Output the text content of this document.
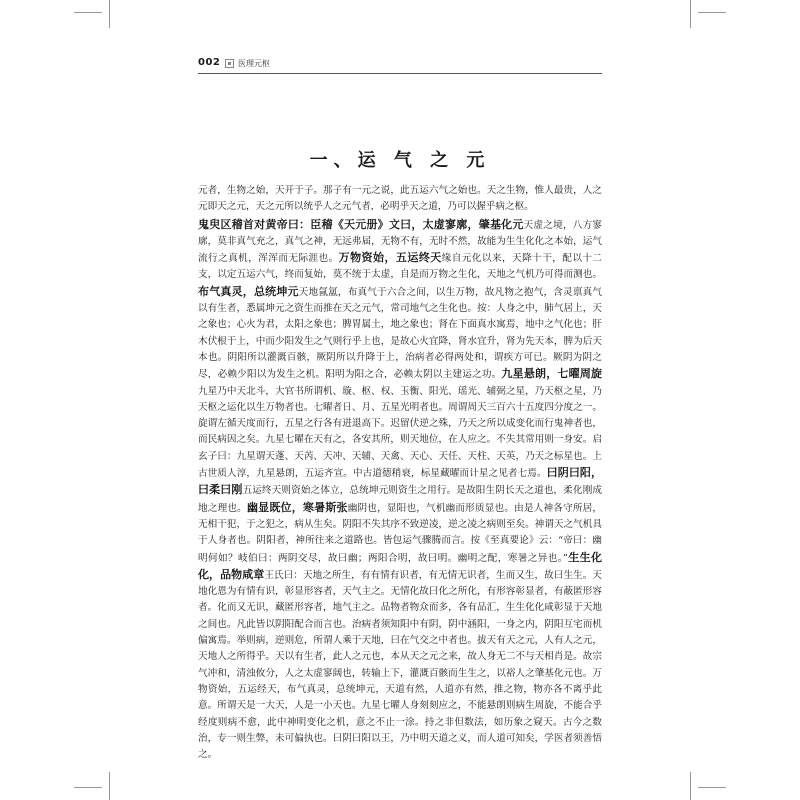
002 医理元枢
一、运 气 之 元

元者，生物之始，天开于子。那子有一元之说，此五运六气之始也。天之生物，惟人最贵，人之元即天之元，天之元所以统乎人之元气者，必明乎天之道，乃可以握乎病之枢。

鬼臾区稽首对黄帝曰：臣稽《天元册》文曰，太虚寥廓，肇基化元天虚之境，八方寥廓，莫非真气充之，真气之神，无远弗届，无物不有，无时不然，故能为生生化化之本始，运气流行之真机，浑浑而无际涯也。万物资始，五运终天缘自元化以来，天降十干，配以十二支，以定五运六气，终而复始，莫不统于太虚，自是而万物之生化，天地之气机乃可得而测也。布气真灵，总统坤元天地氤氲，布真气于六合之间，以生万物，故凡物之抱气，含灵禀真气以有生者，悉属坤元之资生而推在天之元气，常司地气之生化也。按：人身之中，肺气居上，天之象也；心火为君，太阳之象也；脾胃属土，地之象也；肾在下面真水寓焉，地中之气化也；肝木伏根于上，中而少阳发生之气则行乎上也，是故心火宜降，肾水宜升，肾为先天本，脾为后天本也。阴阳所以灌溉百骸，厥阴所以升降于上，治病者必得两处和，谓疾方可已。厥阴为阴之尽，必赖少阳以为发生之机。阳明为阳之合，必赖太阴以主建运之功。九星悬朗，七曜周旋九星乃中天北斗，大官书所谓机、璇、枢、权、玉衡、阳光、瑶光、辅弼之星，乃天枢之星，乃天枢之运化以生万物者也。七曜者日、月、五星光明者也。周谓周天三百六十五度四分度之一。旋谓左循天度而行，五星之行各有进退高下。迟留伏逆之殊，乃天之所以成变化而行鬼神者也，而民病因之矣。九星七曜在天有之，各安其所，则天地位，在人应之。不失其常用则一身安。启玄子曰：九星谓天蓬、天芮、天冲、天辅、天禽、天心、天任、天柱、天英，乃天之标星也。上古世质人淳，九星悬朗，五运齐宣。中古道德稍衰，标星藏曜而计星之见者七焉。曰阴曰阳，曰柔曰刚五运终天则资始之体立，总统坤元则资生之用行。是故阳生阴长天之道也，柔化刚成地之理也。幽显既位，寒暑斯张幽阴也，显阳也，气机幽而形质显也。由是人神各守所居，无相干犯，于之犯之，病从生矣。阴阳不失其序不致逆凌，逆之凌之病则至矣。神谓天之气机具于人身者也。阴阳者，神所往来之道路也。皆包运气骤腾而言。按《至真要论》云：“帝曰：幽明何如？岐伯曰：两阴交尽，故曰幽；两阳合明，故曰明。幽明之配，寒暑之异也。”生生化化，品物咸章王氏曰：天地之所生，有有情有识者，有无情无识者，生而又生，故曰生生。天地化恩为有情有识，彰显形容者，天气主之。无情化故曰化之所化，有形容彰显者，有蔽匿形容者。化而又无识，藏匿形容者，地气主之。品物者物众而多，各有品汇，生生化化咸彰显于天地之间也。凡此皆以阴阳配合而言也。治病者须知阳中有阴，阴中涵阳，一身之内，阴阳互宅而机偏寓焉。举则病，逆则危，所谓人乘于天地，曰在气交之中者也。拔天有天之元，人有人之元，天地人之所得乎。天以有生者，此人之元也，本从天之元之来，故人身无二不与天相肖是。故宗气冲和，清浊攸分，人之太虚寥阔也，转输上下，灌溉百骸而生生之，以裕人之肇基化元也。万物资始，五运经天，布气真灵，总统坤元，天道有然，人道亦有然，推之物，物亦各不离乎此意。所谓天是一大天，人是一小天也。九星七曜人身刻刻应之，不能悬朗则病生周旋，不能合乎经度则病不愈，此中神明变化之机，意之不止一涂。持之非但数法，如历象之窥天。古今之数治，专一则生弊，未可偏执也。曰阴曰阳以王，乃中明天道之义，而人道可知矣，学医者须善悟之。
